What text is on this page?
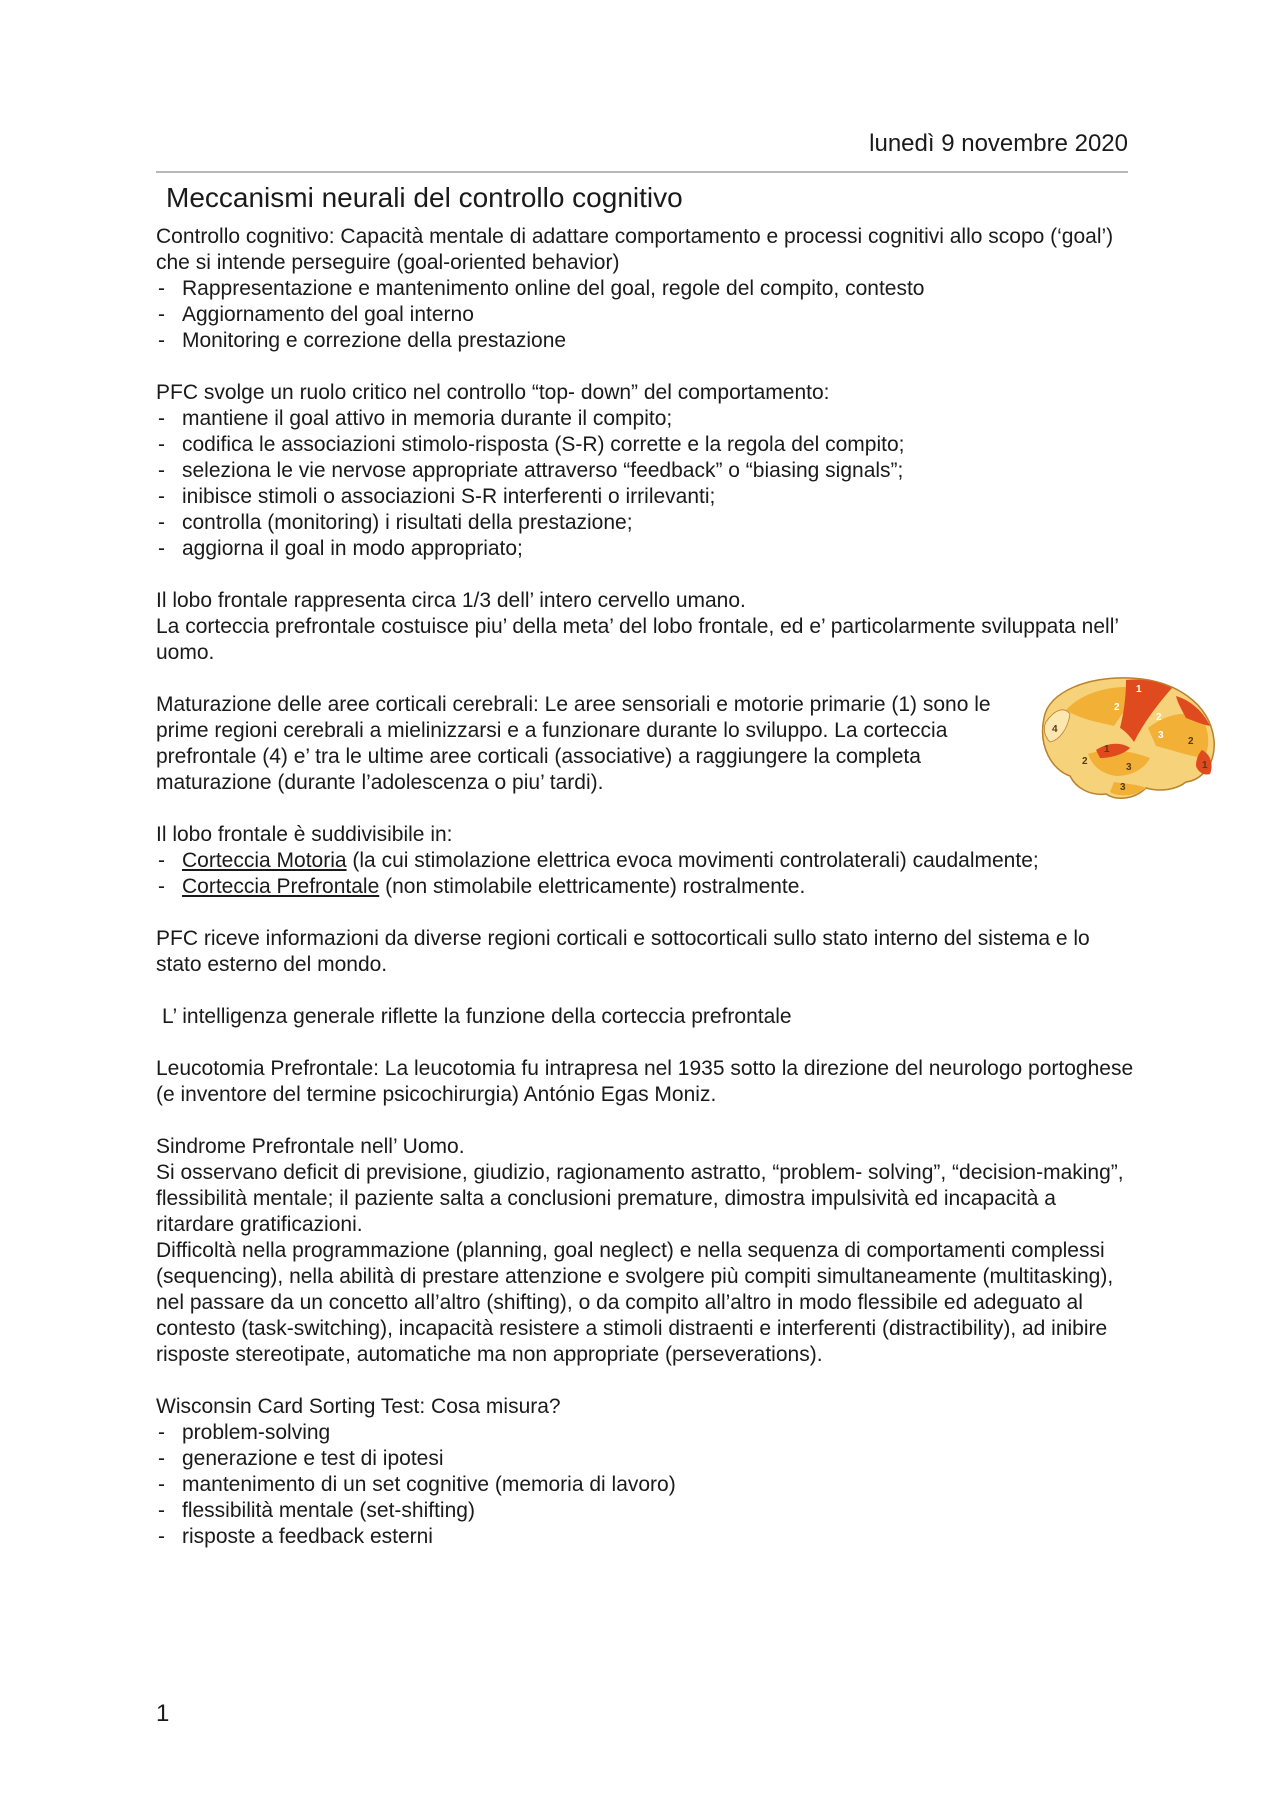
lunedì 9 novembre 2020
Meccanismi neurali del controllo cognitivo

Controllo cognitivo: Capacità mentale di adattare comportamento e processi cognitivi allo scopo (‘goal’) che si intende perseguire (goal-oriented behavior)

- Rappresentazione e mantenimento online del goal, regole del compito, contesto
- Aggiornamento del goal interno
- Monitoring e correzione della prestazione

PFC svolge un ruolo critico nel controllo “top- down” del comportamento:

- mantiene il goal attivo in memoria durante il compito;
- codifica le associazioni stimolo-risposta (S-R) corrette e la regola del compito;
- seleziona le vie nervose appropriate attraverso “feedback” o “biasing signals”;
- inibisce stimoli o associazioni S-R interferenti o irrilevanti;
- controlla (monitoring) i risultati della prestazione;
- aggiorna il goal in modo appropriato;

Il lobo frontale rappresenta circa 1/3 dell’ intero cervello umano.

La corteccia prefrontale costuisce piu’ della meta’ del lobo frontale, ed e’ particolarmente sviluppata nell’ uomo.

Maturazione delle aree corticali cerebrali: Le aree sensoriali e motorie primarie (1) sono le prime regioni cerebrali a mielinizzarsi e a funzionare durante lo sviluppo. La corteccia prefrontale (4) e’ tra le ultime aree corticali (associative) a raggiungere la completa

maturazione (durante l’adolescenza o piu’ tardi).

Il lobo frontale è suddivisibile in:

- Corteccia Motoria (la cui stimolazione elettrica evoca movimenti controlaterali) caudalmente;
- Corteccia Prefrontale (non stimolabile elettricamente) rostralmente.

PFC riceve informazioni da diverse regioni corticali e sottocorticali sullo stato interno del sistema e lo stato esterno del mondo.

L’ intelligenza generale riflette la funzione della corteccia prefrontale

Leucotomia Prefrontale: La leucotomia fu intrapresa nel 1935 sotto la direzione del neurologo portoghese (e inventore del termine psicochirurgia) António Egas Moniz.

Sindrome Prefrontale nell’ Uomo.

Si osservano deficit di previsione, giudizio, ragionamento astratto, “problem- solving”, “decision-making”, flessibilità mentale; il paziente salta a conclusioni premature, dimostra impulsività ed incapacità a ritardare gratificazioni.

Difficoltà nella programmazione (planning, goal neglect) e nella sequenza di comportamenti complessi (sequencing), nella abilità di prestare attenzione e svolgere più compiti simultaneamente (multitasking), nel passare da un concetto all’altro (shifting), o da compito all’altro in modo flessibile ed adeguato al contesto (task-switching), incapacità resistere a stimoli distraenti e interferenti (distractibility), ad inibire risposte stereotipate, automatiche ma non appropriate (perseverations).

Wisconsin Card Sorting Test: Cosa misura?

- problem-solving
- generazione e test di ipotesi
- mantenimento di un set cognitive (memoria di lavoro)
- flessibilità mentale (set-shifting)
- risposte a feedback esterni
1
2
2
3
4
2
1
3
3
2
1
1
